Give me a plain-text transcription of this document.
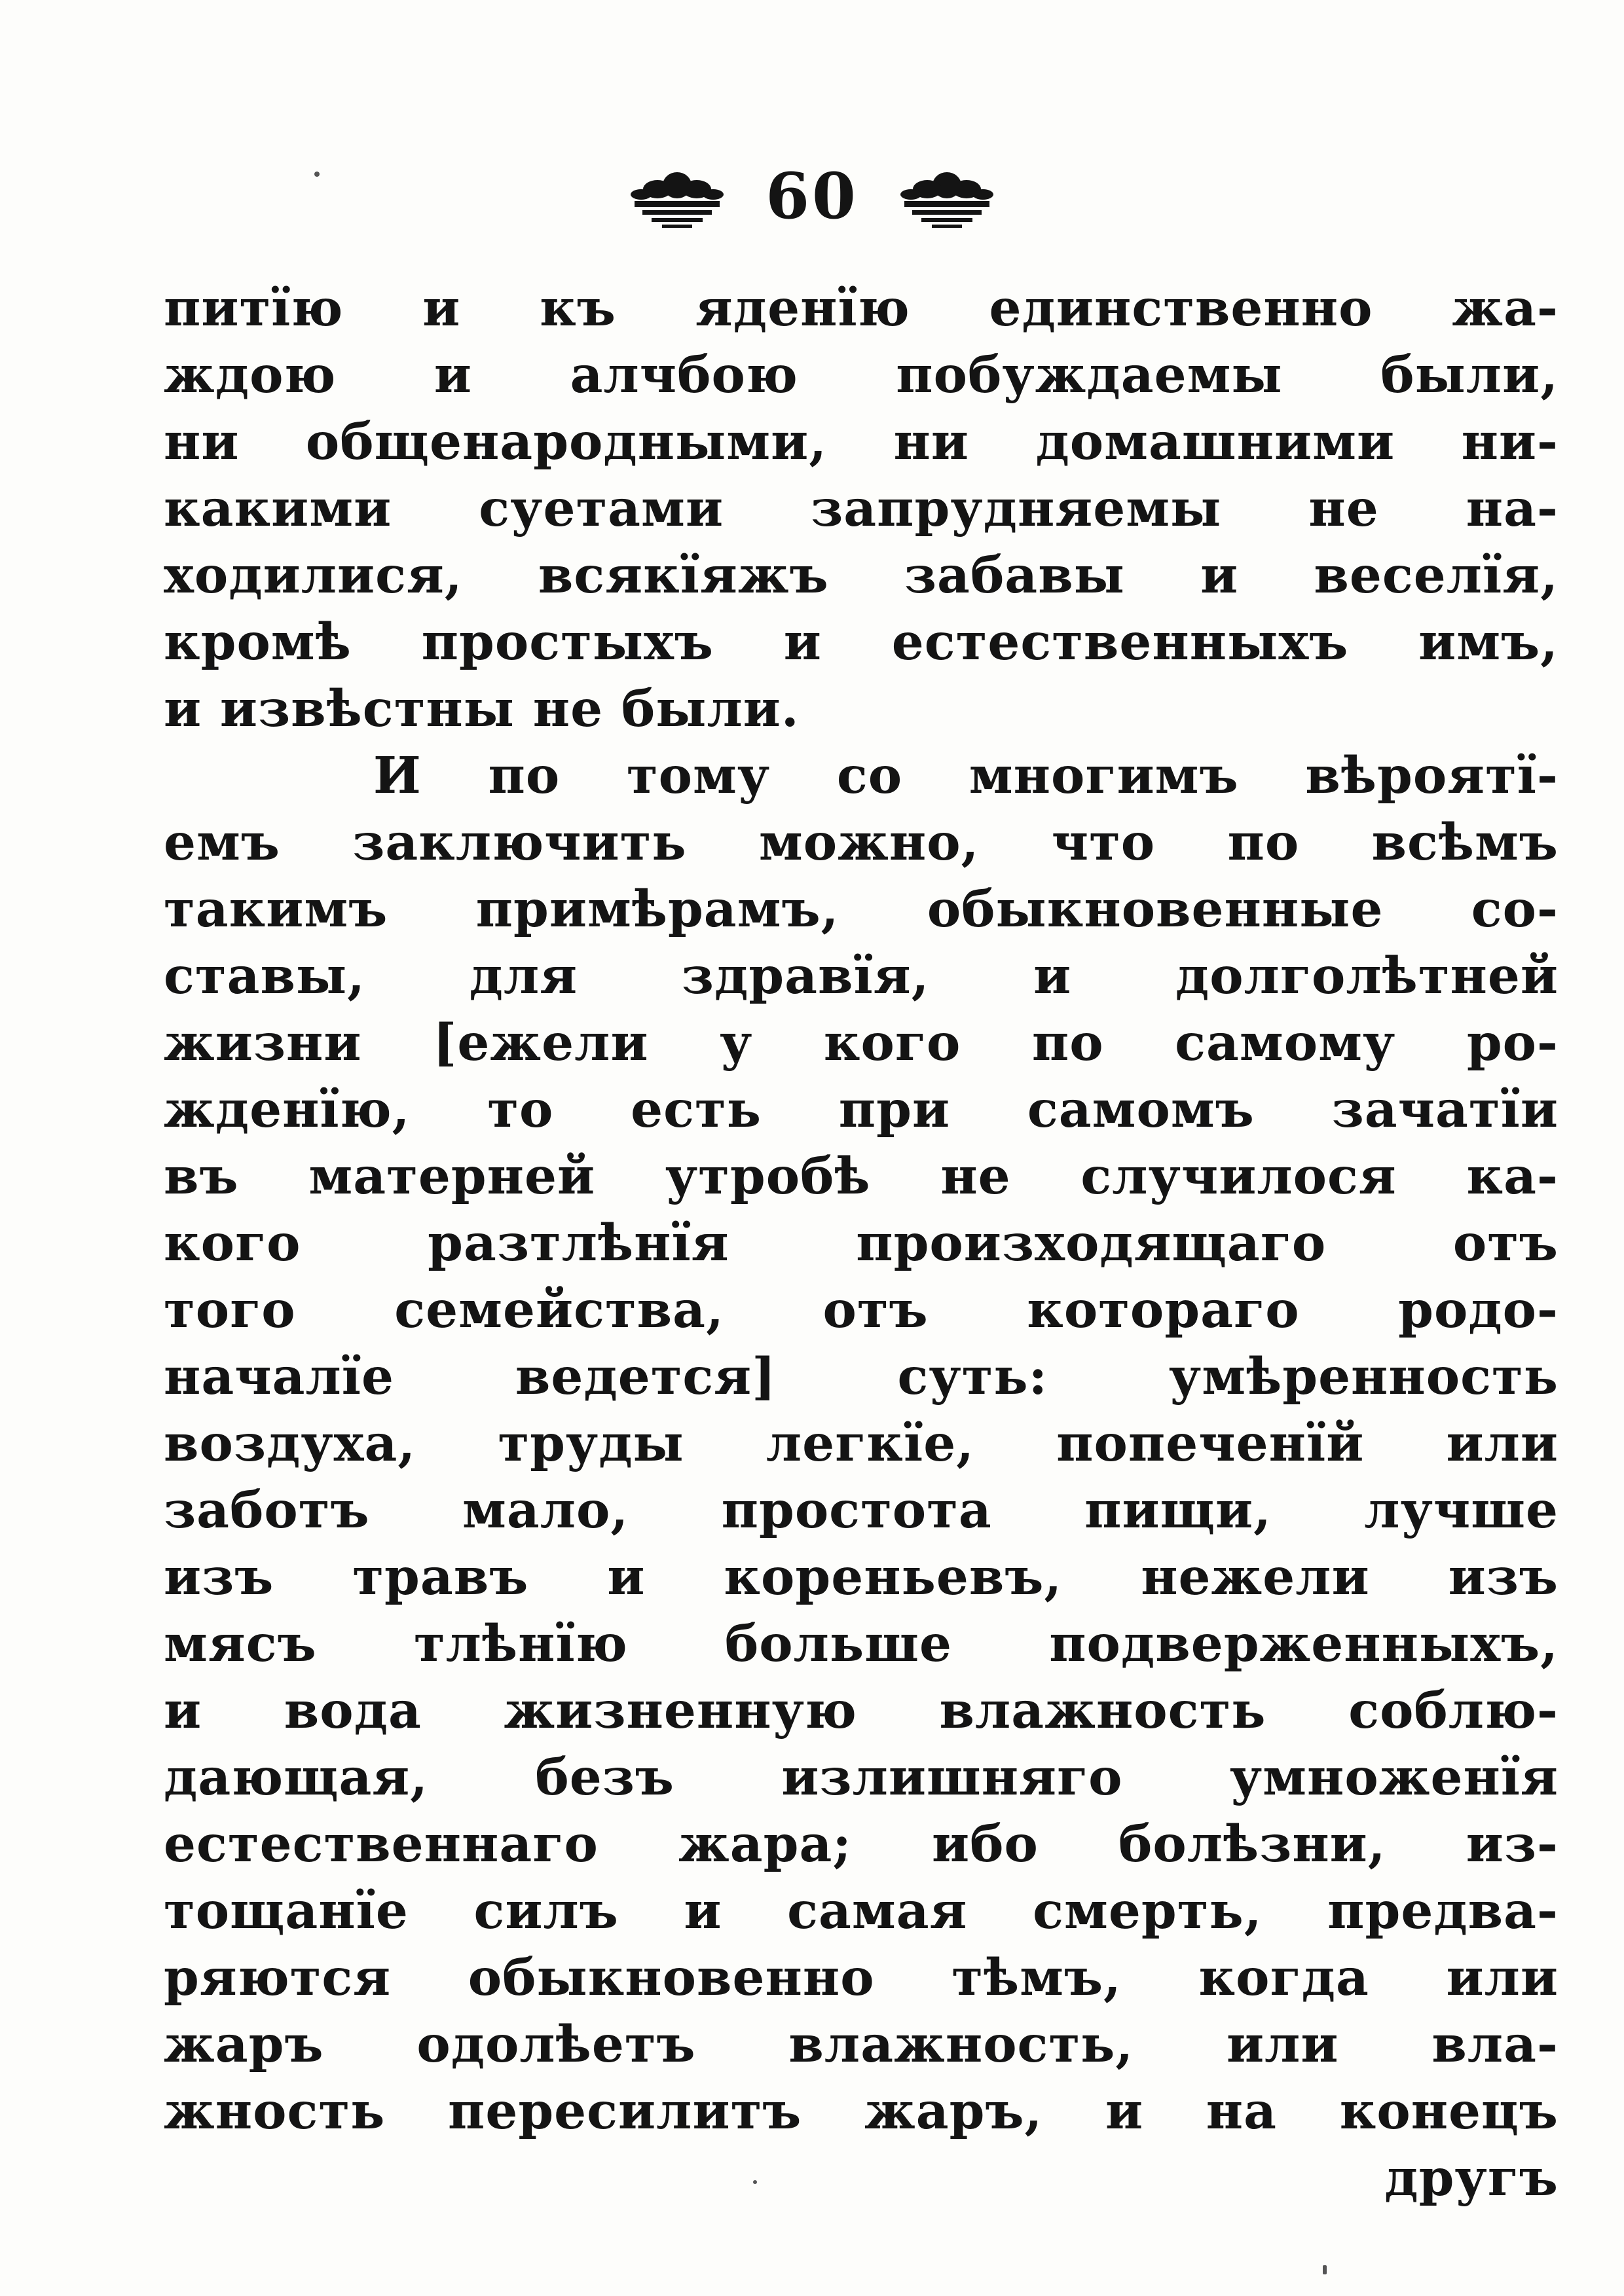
60
питїю и къ яденїю единственно жа-
ждою и алчбою побуждаемы были,
ни общенародными, ни домашними ни-
какими суетами запрудняемы не на-
ходилися, всякїяжъ забавы и веселїя,
кромѣ простыхъ и естественныхъ имъ,
и извѣстны не были.
И по тому со многимъ вѣроятї-
емъ заключить можно, что по всѣмъ
такимъ примѣрамъ, обыкновенные со-
ставы, для здравїя, и долголѣтней
жизни [ежели у кого по самому ро-
жденїю, то есть при самомъ зачатїи
въ матерней утробѣ не случилося ка-
кого разтлѣнїя произходящаго отъ
того семейства, отъ котораго родо-
началїе ведется] суть: умѣренность
воздуха, труды легкїе, попеченїй или
заботъ мало, простота пищи, лучше
изъ травъ и кореньевъ, нежели изъ
мясъ тлѣнїю больше подверженныхъ,
и вода жизненную влажность соблю-
дающая, безъ излишняго умноженїя
естественнаго жара; ибо болѣзни, из-
тощанїе силъ и самая смерть, предва-
ряются обыкновенно тѣмъ, когда или
жаръ одолѣетъ влажность, или вла-
жность пересилитъ жаръ, и на конецъ
другъ
